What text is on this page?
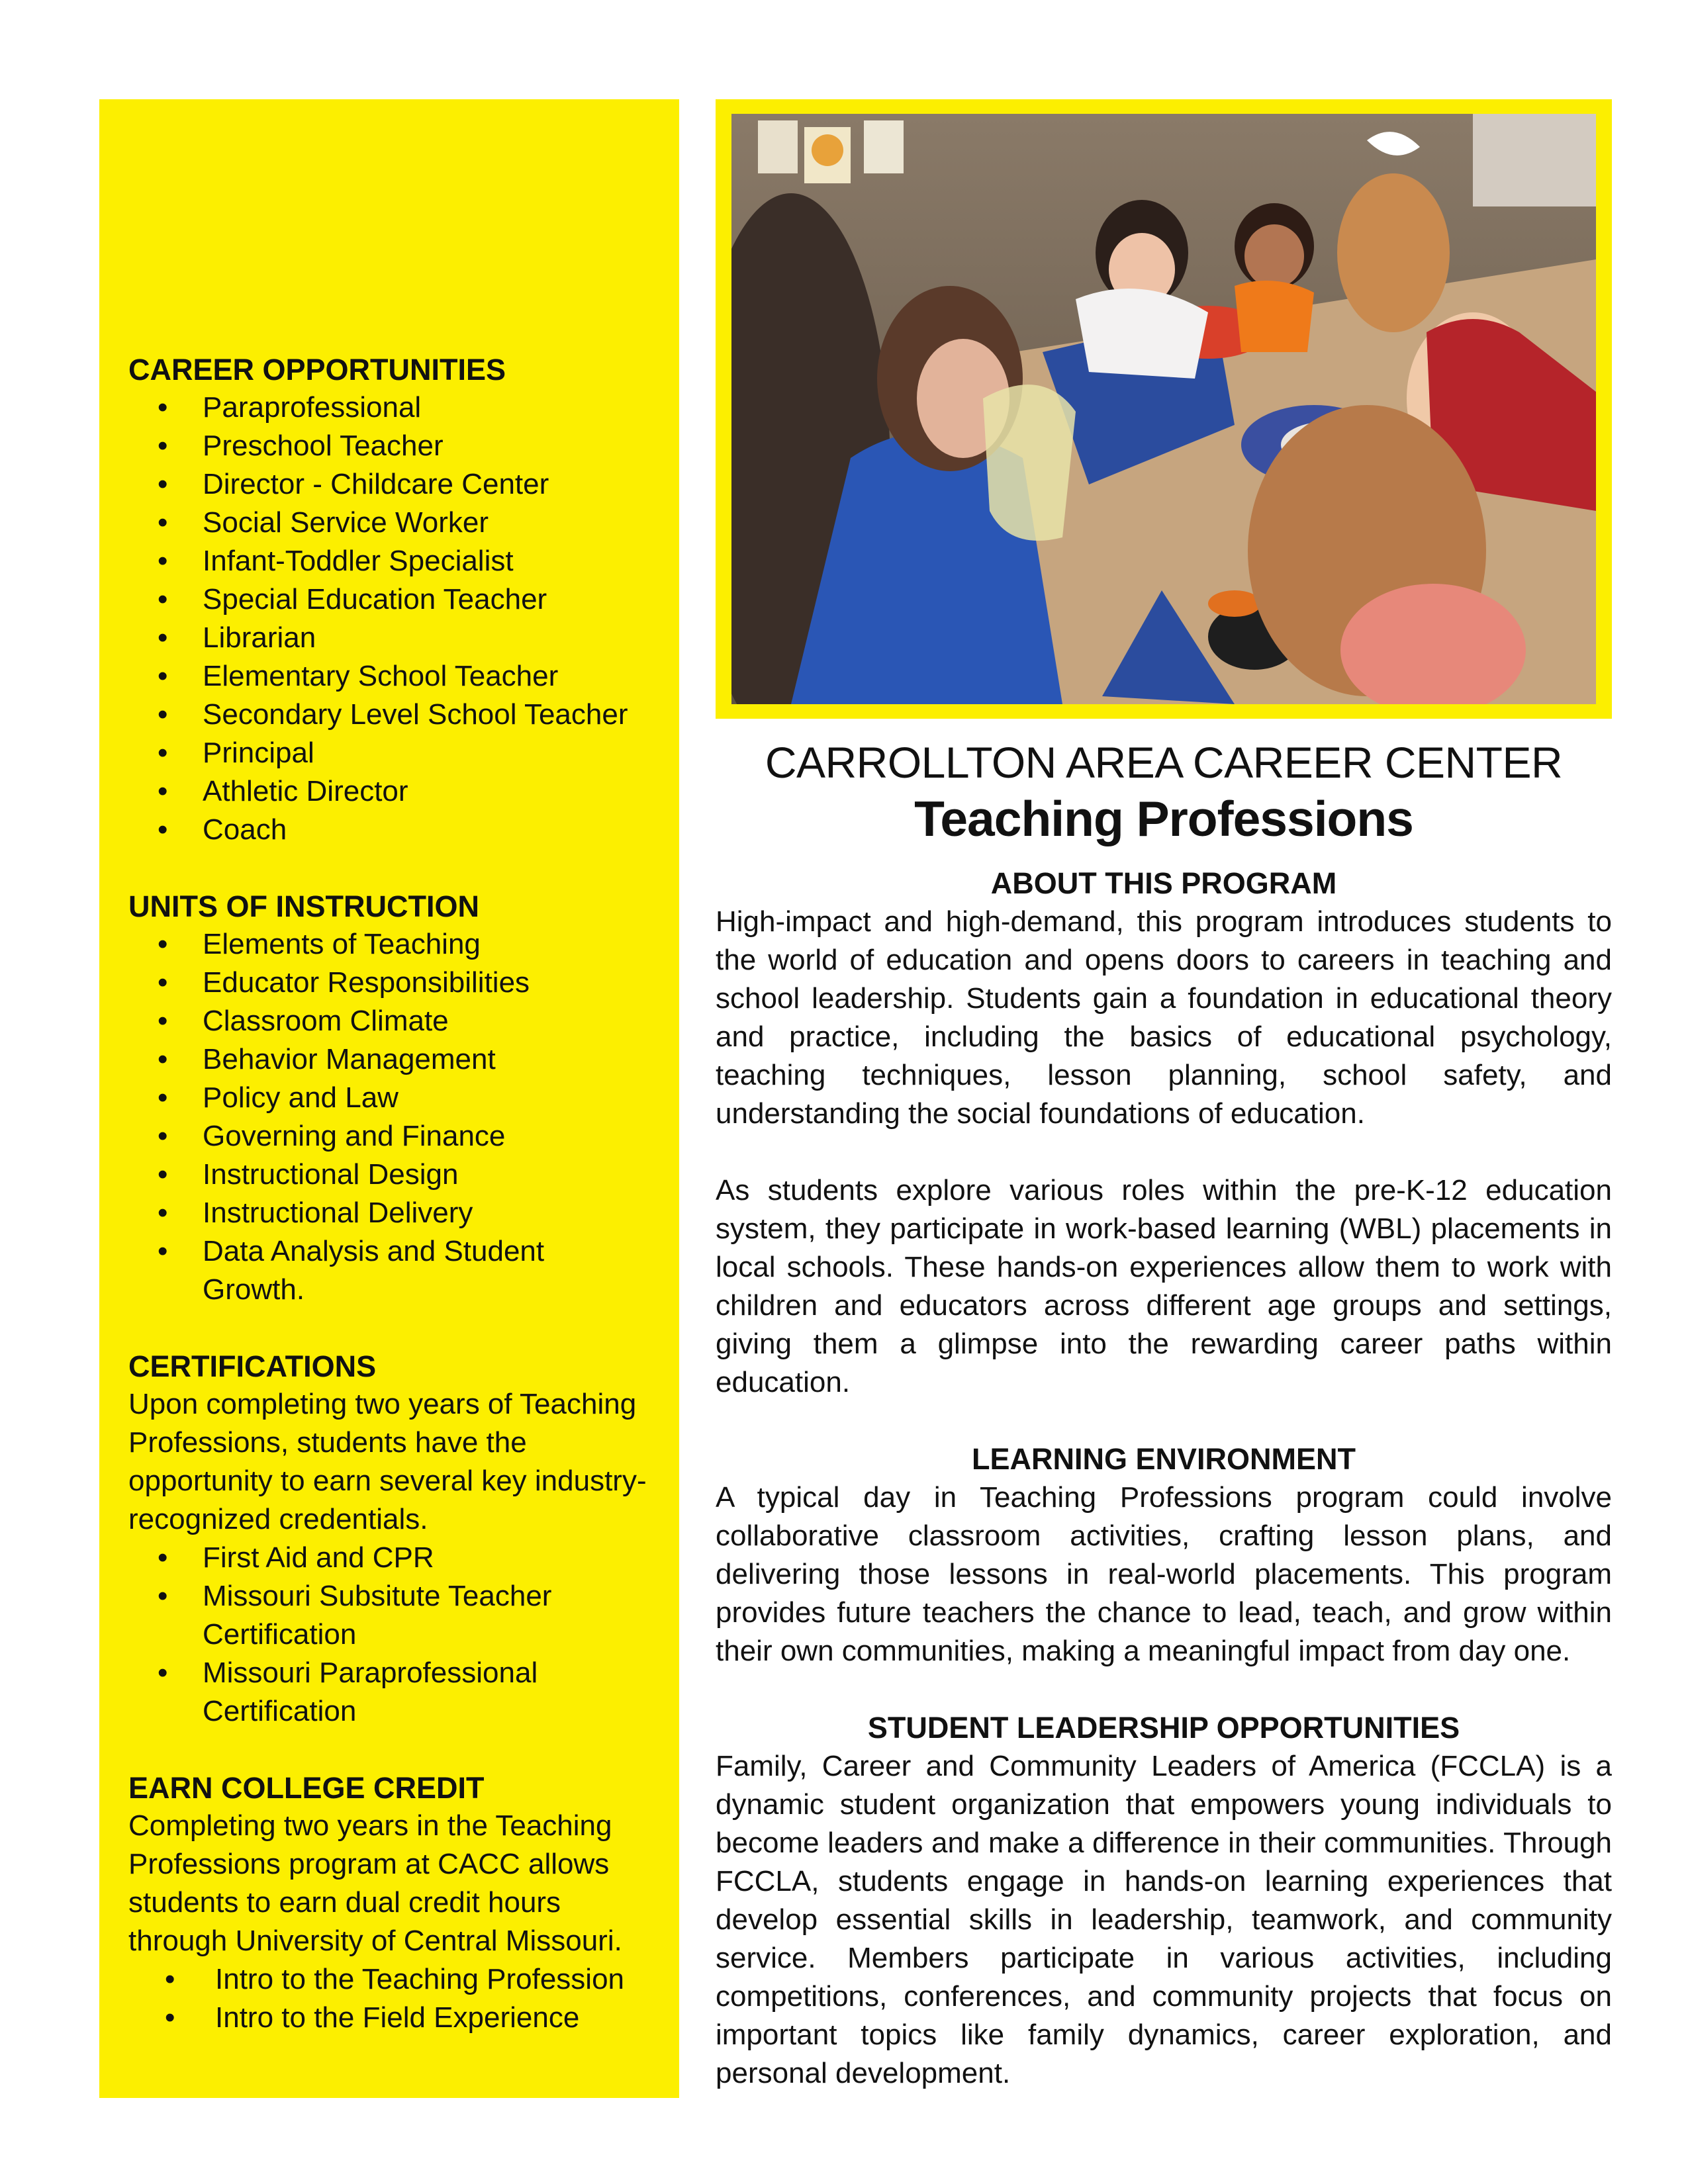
CAREER OPPORTUNITIES
• Paraprofessional
• Preschool Teacher
• Director - Childcare Center
• Social Service Worker
• Infant-Toddler Specialist
• Special Education Teacher
• Librarian
• Elementary School Teacher
• Secondary Level School Teacher
• Principal
• Athletic Director
• Coach
UNITS OF INSTRUCTION
• Elements of Teaching
• Educator Responsibilities
• Classroom Climate
• Behavior Management
• Policy and Law
• Governing and Finance
• Instructional Design
• Instructional Delivery
• Data Analysis and Student Growth.
CERTIFICATIONS

Upon completing two years of Teaching Professions, students have the opportunity to earn several key industry-recognized credentials.

• First Aid and CPR
• Missouri Subsitute Teacher Certification
• Missouri Paraprofessional Certification
EARN COLLEGE CREDIT

Completing two years in the Teaching Professions program at CACC allows students to earn dual credit hours through University of Central Missouri.

• Intro to the Teaching Profession
• Intro to the Field Experience
CARROLLTON AREA CAREER CENTER
Teaching Professions
ABOUT THIS PROGRAM

High-impact and high-demand, this program introduces students to the world of education and opens doors to careers in teaching and school leadership. Students gain a foundation in educational theory and practice, including the basics of educational psychology, teaching techniques, lesson planning, school safety, and understanding the social foundations of education.

As students explore various roles within the pre-K-12 education system, they participate in work-based learning (WBL) placements in local schools. These hands-on experiences allow them to work with children and educators across different age groups and settings, giving them a glimpse into the rewarding career paths within education.

LEARNING ENVIRONMENT

A typical day in Teaching Professions program could involve collaborative classroom activities, crafting lesson plans, and delivering those lessons in real-world placements. This program provides future teachers the chance to lead, teach, and grow within their own communities, making a meaningful impact from day one.

STUDENT LEADERSHIP OPPORTUNITIES

Family, Career and Community Leaders of America (FCCLA) is a dynamic student organization that empowers young individuals to become leaders and make a difference in their communities. Through FCCLA, students engage in hands-on learning experiences that develop essential skills in leadership, teamwork, and community service. Members participate in various activities, including competitions, conferences, and community projects that focus on important topics like family dynamics, career exploration, and personal development.
